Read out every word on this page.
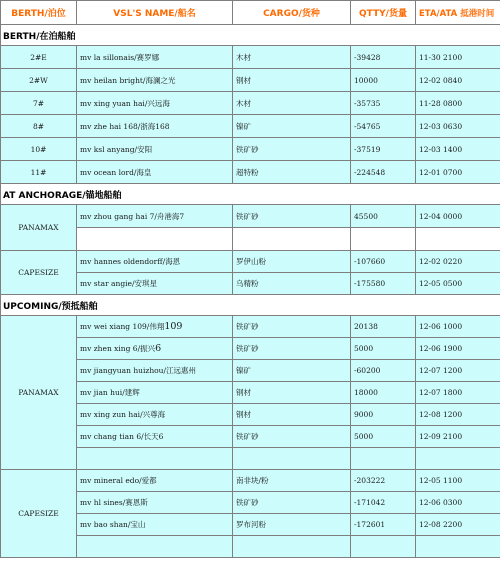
BERTH/泊位	VSL'S NAME/船名	CARGO/货种	QTTY/货量	ETA/ATA 抵港时间
BERTH/在泊船舶				
2#E	mv la sillonais/赛罗娜	木材	-39428	11-30 2100
2#W	mv heilan bright/海澜之光	钢材	10000	12-02 0840
7#	mv xing yuan hai/兴远海	木材	-35735	11-28 0800
8#	mv zhe hai 168/浙海168	镍矿	-54765	12-03 0630
10#	mv ksl anyang/安阳	铁矿砂	-37519	12-03 1400
11#	mv ocean lord/海皇	超特粉	-224548	12-01 0700
AT ANCHORAGE/锚地船舶				
PANAMAX	mv zhou gang hai 7/舟港海7	铁矿砂	45500	12-04 0000

CAPESIZE	mv hannes oldendorff/海恩	罗伊山粉	-107660	12-02 0220
	mv star angie/安琪星	乌精粉	-175580	12-05 0500
UPCOMING/预抵船舶				
PANAMAX	mv wei xiang 109/伟翔109	铁矿砂	20138	12-06 1000
	mv zhen xing 6/振兴6	铁矿砂	5000	12-06 1900
	mv jiangyuan huizhou/江远惠州	镍矿	-60200	12-07 1200
	mv jian hui/建辉	钢材	18000	12-07 1800
	mv xing zun hai/兴尊海	钢材	9000	12-08 1200
	mv chang tian 6/长天6	铁矿砂	5000	12-09 2100

CAPESIZE	mv mineral edo/爱都	南非块/粉	-203222	12-05 1100
	mv hl sines/赛恩斯	铁矿砂	-171042	12-06 0300
	mv bao shan/宝山	罗布河粉	-172601	12-08 2200
